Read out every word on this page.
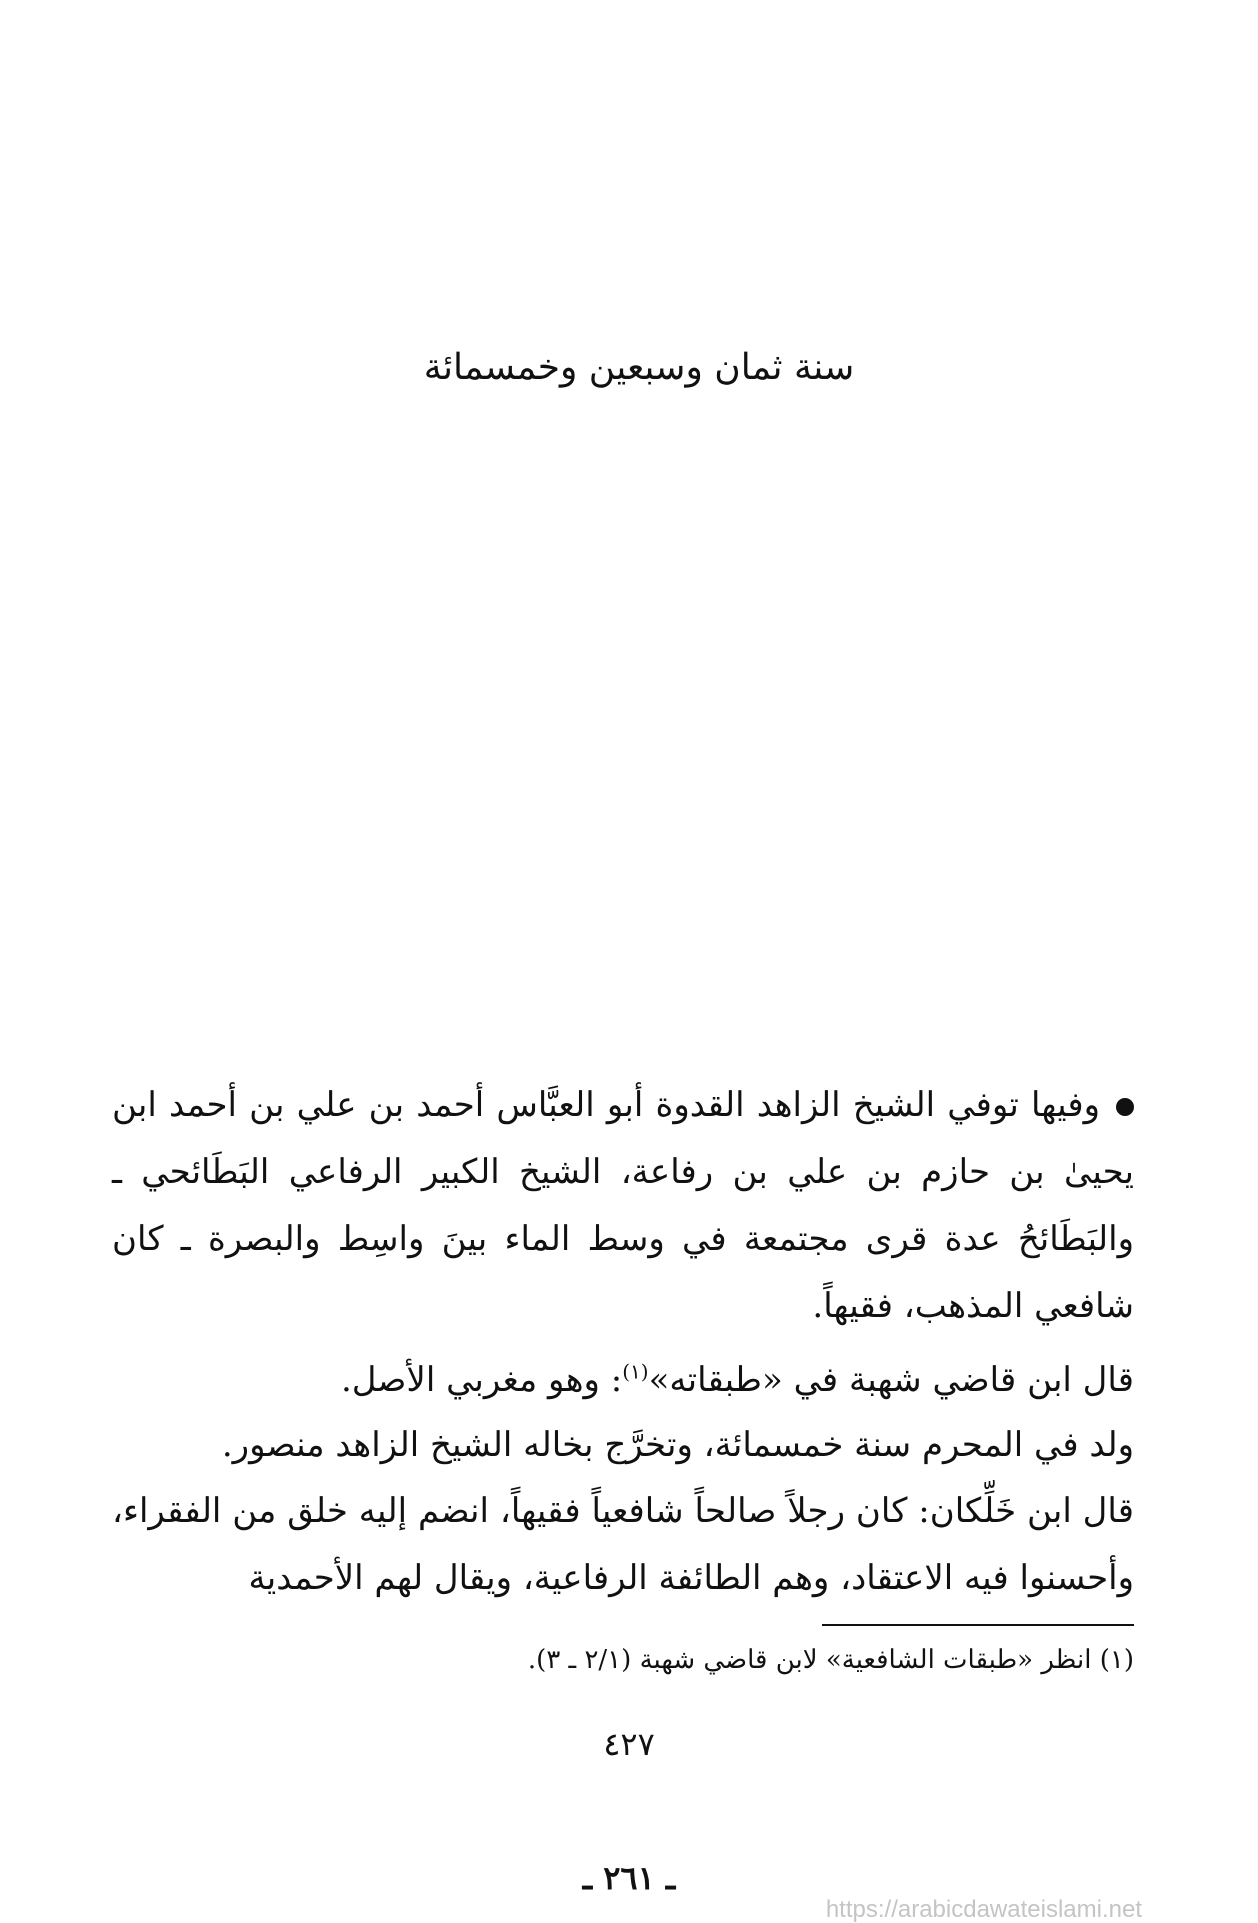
سنة ثمان وسبعين وخمسمائة

وفيها توفي الشيخ الزاهد القدوة أبو العبَّاس أحمد بن علي بن أحمد ابن يحيىٰ بن حازم بن علي بن رفاعة، الشيخ الكبير الرفاعي البَطَائحي ـ والبَطَائحُ عدة قرى مجتمعة في وسط الماء بينَ واسِط والبصرة ـ كان شافعي المذهب، فقيهاً.

قال ابن قاضي شهبة في «طبقاته»$^{(١)}$: وهو مغربي الأصل.

ولد في المحرم سنة خمسمائة، وتخرَّج بخاله الشيخ الزاهد منصور.

قال ابن خَلِّكان: كان رجلاً صالحاً شافعياً فقيهاً، انضم إليه خلق من الفقراء، وأحسنوا فيه الاعتقاد، وهم الطائفة الرفاعية، ويقال لهم الأحمدية

(١) انظر «طبقات الشافعية» لابن قاضي شهبة (٢/١ ـ ٣).
٤٢٧
ـ ٢٦١ ـ
https://arabicdawateislami.net
